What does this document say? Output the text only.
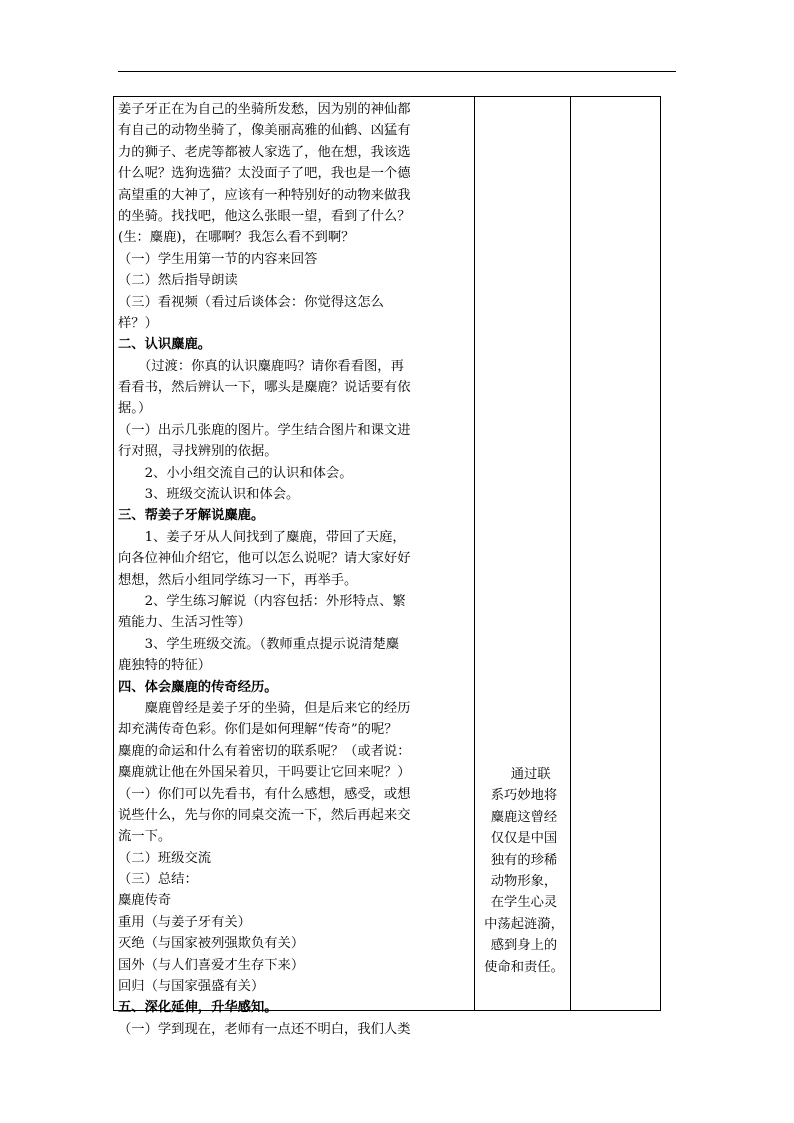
姜子牙正在为自己的坐骑所发愁，因为别的神仙都
有自己的动物坐骑了，像美丽高雅的仙鹤、凶猛有
力的狮子、老虎等都被人家选了，他在想，我该选
什么呢？选狗选猫？太没面子了吧，我也是一个德
高望重的大神了，应该有一种特别好的动物来做我
的坐骑。找找吧，他这么张眼一望，看到了什么？
(生：麋鹿)，在哪啊？我怎么看不到啊？
（一）学生用第一节的内容来回答
（二）然后指导朗读
（三）看视频（看过后谈体会：你觉得这怎么
样？）
二、认识麋鹿。
　　（过渡：你真的认识麋鹿吗？请你看看图，再
看看书，然后辨认一下，哪头是麋鹿？说话要有依
据。）
（一）出示几张鹿的图片。学生结合图片和课文进
行对照，寻找辨别的依据。
　　2、小小组交流自己的认识和体会。
　　3、班级交流认识和体会。
三、帮姜子牙解说麋鹿。
　　1、姜子牙从人间找到了麋鹿，带回了天庭，
向各位神仙介绍它，他可以怎么说呢？请大家好好
想想，然后小组同学练习一下，再举手。
　　2、学生练习解说（内容包括：外形特点、繁
殖能力、生活习性等）
　　3、学生班级交流。（教师重点提示说清楚麋
鹿独特的特征）
四、体会麋鹿的传奇经历。
　　麋鹿曾经是姜子牙的坐骑，但是后来它的经历
却充满传奇色彩。你们是如何理解“传奇”的呢？
麋鹿的命运和什么有着密切的联系呢？（或者说：
麋鹿就让他在外国呆着贝，干吗要让它回来呢？）
（一）你们可以先看书，有什么感想，感受，或想
说些什么，先与你的同桌交流一下，然后再起来交
流一下。
（二）班级交流
（三）总结：
麋鹿传奇
重用（与姜子牙有关）
灭绝（与国家被列强欺负有关）
国外（与人们喜爱才生存下来）
回归（与国家强盛有关）
五、深化延伸，升华感知。
（一）学到现在，老师有一点还不明白，我们人类
　通过联
系巧妙地将
麋鹿这曾经
仅仅是中国
独有的珍稀
动物形象，
在学生心灵
中荡起涟漪，
感到身上的
使命和责任。
